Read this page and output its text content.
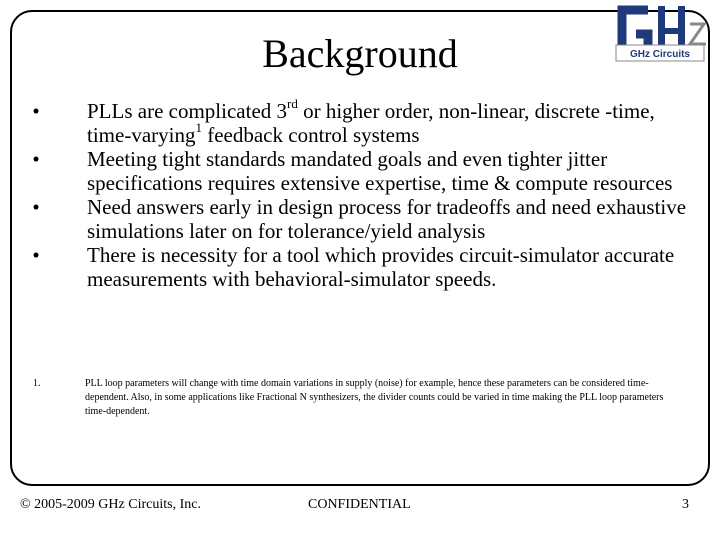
Background	GHz Circuits
• PLLs are complicated 3rd or higher order, non-linear, discrete -time, time-varying$^1$ feedback control systems
• Meeting tight standards mandated goals and even tighter jitter specifications requires extensive expertise, time & compute resources
• Need answers early in design process for tradeoffs and need exhaustive simulations later on for tolerance/yield analysis
• There is necessity for a tool which provides circuit-simulator accurate measurements with behavioral-simulator speeds.
1.	PLL loop parameters will change with time domain variations in supply (noise) for example, hence these parameters can be considered time-dependent. Also, in some applications like Fractional N synthesizers, the divider counts could be varied in time making the PLL loop parameters time-dependent.
© 2005-2009 GHz Circuits, Inc.	CONFIDENTIAL	3
